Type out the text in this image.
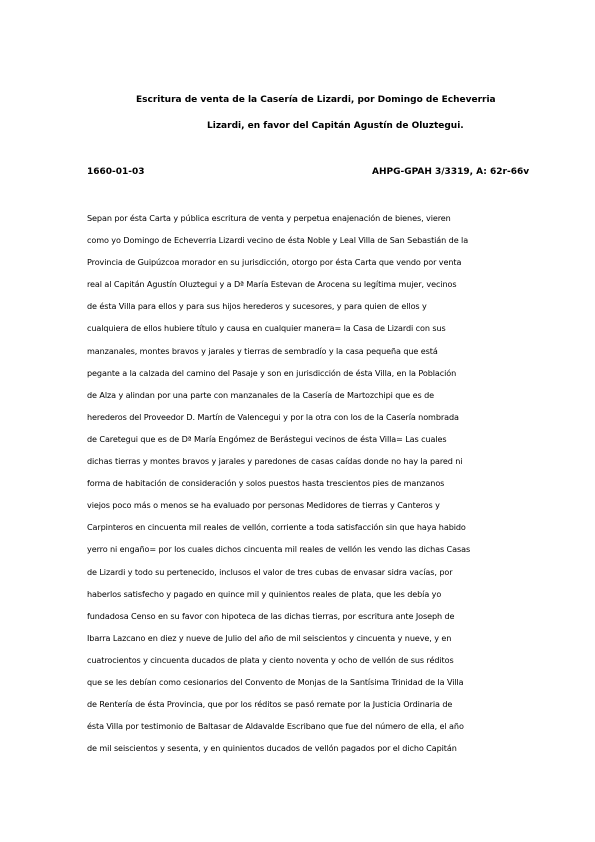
Escritura de venta de la Casería de Lizardi, por Domingo de Echeverria
Lizardi, en favor del Capitán Agustín de Oluztegui.
1660-01-03	AHPG-GPAH 3/3319, A: 62r-66v
Sepan por ésta Carta y pública escritura de venta y perpetua enajenación de bienes, vieren
como yo Domingo de Echeverria Lizardi vecino de ésta Noble y Leal Villa de San Sebastián de la
Provincia de Guipúzcoa morador en su jurisdicción, otorgo por ésta Carta que vendo por venta
real al Capitán Agustín Oluztegui y a Dª María Estevan de Arocena su legítima mujer, vecinos
de ésta Villa para ellos y para sus hijos herederos y sucesores, y para quien de ellos y
cualquiera de ellos hubiere título y causa en cualquier manera= la Casa de Lizardi con sus
manzanales, montes bravos y jarales y tierras de sembradío y la casa pequeña que está
pegante a la calzada del camino del Pasaje y son en jurisdicción de ésta Villa, en la Población
de Alza y alindan por una parte con manzanales de la Casería de Martozchipi que es de
herederos del Proveedor D. Martín de Valencegui y por la otra con los de la Casería nombrada
de Caretegui que es de Dª María Engómez de Berástegui vecinos de ésta Villa= Las cuales
dichas tierras y montes bravos y jarales y paredones de casas caídas donde no hay la pared ni
forma de habitación de consideración y solos puestos hasta trescientos pies de manzanos
viejos poco más o menos se ha evaluado por personas Medidores de tierras y Canteros y
Carpinteros en cincuenta mil reales de vellón, corriente a toda satisfacción sin que haya habido
yerro ni engaño= por los cuales dichos cincuenta mil reales de vellón les vendo las dichas Casas
de Lizardi y todo su pertenecido, inclusos el valor de tres cubas de envasar sidra vacías, por
haberlos satisfecho y pagado en quince mil y quinientos reales de plata, que les debía yo
fundadosa Censo en su favor con hipoteca de las dichas tierras, por escritura ante Joseph de
Ibarra Lazcano en diez y nueve de Julio del año de mil seiscientos y cincuenta y nueve, y en
cuatrocientos y cincuenta ducados de plata y ciento noventa y ocho de vellón de sus réditos
que se les debían como cesionarios del Convento de Monjas de la Santísima Trinidad de la Villa
de Rentería de ésta Provincia, que por los réditos se pasó remate por la Justicia Ordinaria de
ésta Villa por testimonio de Baltasar de Aldavalde Escribano que fue del número de ella, el año
de mil seiscientos y sesenta, y en quinientos ducados de vellón pagados por el dicho Capitán
